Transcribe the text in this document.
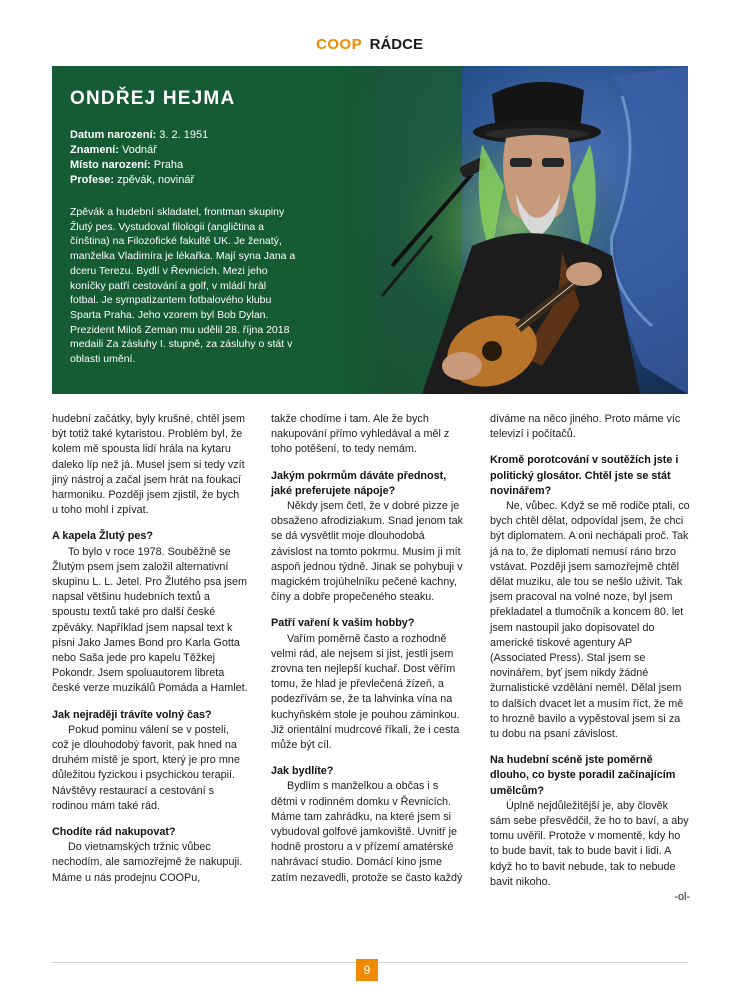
COOP RÁDCE
ONDŘEJ HEJMA
Datum narození: 3. 2. 1951
Znamení: Vodnář
Místo narození: Praha
Profese: zpěvák, novinář
Zpěvák a hudební skladatel, frontman skupiny Žlutý pes. Vystudoval filologii (angličtina a čínština) na Filozofické fakultě UK. Je ženatý, manželka Vladimíra je lékařka. Mají syna Jana a dceru Terezu. Bydlí v Řevnicích. Mezi jeho koníčky patří cestování a golf, v mládí hrál fotbal. Je sympatizantem fotbalového klubu Sparta Praha. Jeho vzorem byl Bob Dylan. Prezident Miloš Zeman mu udělil 28. října 2018 medaili Za zásluhy I. stupně, za zásluhy o stát v oblasti umění.

hudební začátky, byly krušné, chtěl jsem být totiž také kytaristou. Problém byl, že kolem mě spousta lidí hrála na kytaru daleko líp než já. Musel jsem si tedy vzít jiný nástroj a začal jsem hrát na foukací harmoniku. Později jsem zjistil, že bych u toho mohl i zpívat.

A kapela Žlutý pes?

To bylo v roce 1978. Souběžně se Žlutým psem jsem založil alternativní skupinu L. L. Jetel. Pro Žlutého psa jsem napsal většinu hudebních textů a spoustu textů také pro další české zpěváky. Například jsem napsal text k písni Jako James Bond pro Karla Gotta nebo Saša jede pro kapelu Těžkej Pokondr. Jsem spoluautorem libreta české verze muzikálů Pomáda a Hamlet.

Jak nejraději trávíte volný čas?

Pokud pominu válení se v posteli, což je dlouhodobý favorit, pak hned na druhém místě je sport, který je pro mne důležitou fyzickou i psychickou terapií. Návštěvy restaurací a cestování s rodinou mám také rád.

Chodíte rád nakupovat?

Do vietnamských tržnic vůbec nechodím, ale samozřejmě že nakupuji. Máme u nás prodejnu COOPu,

takže chodíme i tam. Ale že bych nakupování přímo vyhledával a měl z toho potěšení, to tedy nemám.

Jakým pokrmům dáváte přednost, jaké preferujete nápoje?

Někdy jsem četl, že v dobré pizze je obsaženo afrodiziakum. Snad jenom tak se dá vysvětlit moje dlouhodobá závislost na tomto pokrmu. Musím ji mít aspoň jednou týdně. Jinak se pohybuji v magickém trojúhelníku pečené kachny, číny a dobře propečeného steaku.

Patří vaření k vašim hobby?

Vařím poměrně často a rozhodně velmi rád, ale nejsem si jist, jestli jsem zrovna ten nejlepší kuchař. Dost věřím tomu, že hlad je převlečená žízeň, a podezřívám se, že ta lahvinka vína na kuchyňském stole je pouhou záminkou. Již orientální mudrcové říkali, že i cesta může být cíl.

Jak bydlíte?

Bydlím s manželkou a občas i s dětmi v rodinném domku v Řevnicích. Máme tam zahrádku, na které jsem si vybudoval golfové jamkoviště. Uvnitř je hodně prostoru a v přízemí amatérské nahrávací studio. Domácí kino jsme zatím nezavedli, protože se často každý

díváme na něco jiného. Proto máme víc televizí i počítačů.

Kromě porotcování v soutěžích jste i politický glosátor. Chtěl jste se stát novinářem?

Ne, vůbec. Když se mě rodiče ptali, co bych chtěl dělat, odpovídal jsem, že chci být diplomatem. A oni nechápali proč. Tak já na to, že diplomati nemusí ráno brzo vstávat. Později jsem samozřejmě chtěl dělat muziku, ale tou se nešlo uživit. Tak jsem pracoval na volné noze, byl jsem překladatel a tlumočník a koncem 80. let jsem nastoupil jako dopisovatel do americké tiskové agentury AP (Associated Press). Stal jsem se novinářem, byť jsem nikdy žádné žurnalistické vzdělání neměl. Dělal jsem to dalších dvacet let a musím říct, že mě to hrozně bavilo a vypěstoval jsem si za tu dobu na psaní závislost.

Na hudební scéně jste poměrně dlouho, co byste poradil začínajícím umělcům?

Úplně nejdůležitější je, aby člověk sám sebe přesvědčil, že ho to baví, a aby tomu uvěřil. Protože v momentě, kdy ho to bude bavit, tak to bude bavit i lidi. A když ho to bavit nebude, tak to nebude bavit nikoho.

-ol-

9
